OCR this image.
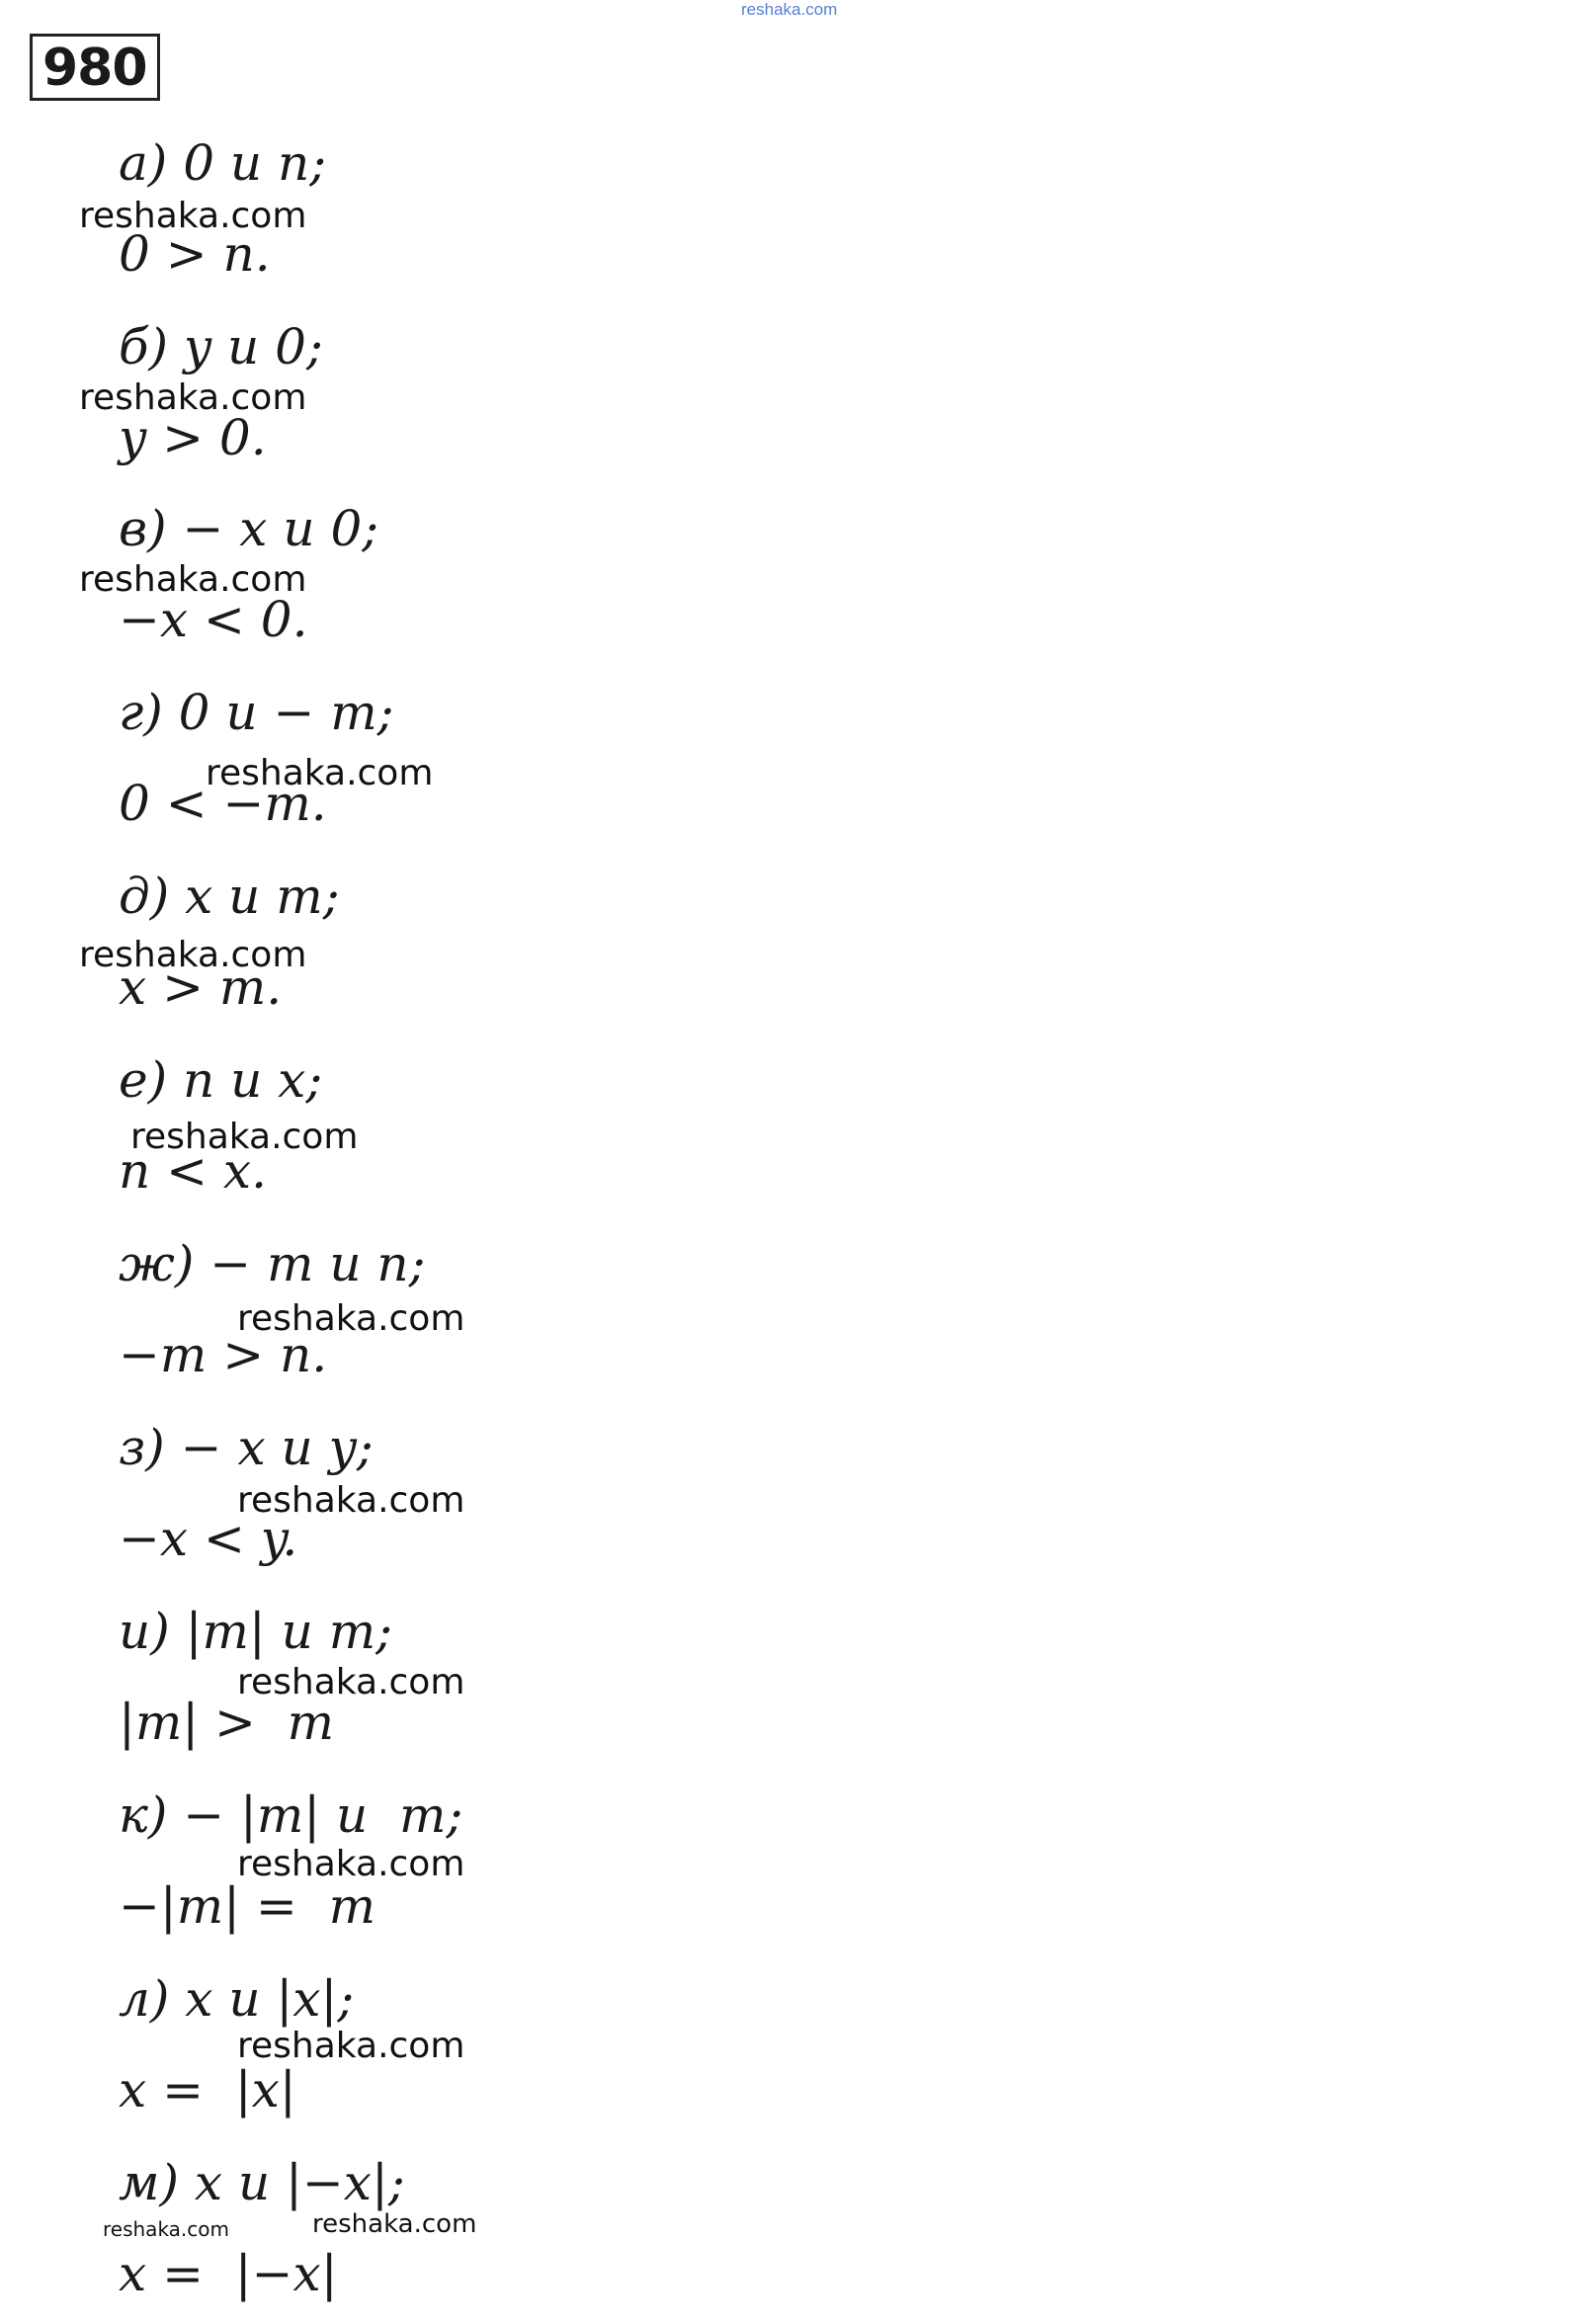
reshaka.com
980
а) 0 и n;
0 > n.
б) y и 0;
y > 0.
в) − x и 0;
−x < 0.
г) 0 и − m;
0 < −m.
д) x и m;
x > m.
е) n и x;
n < x.
ж) − m и n;
−m > n.
з) − x и y;
−x < y.
и) |m| и m;
|m| >  m
к) − |m| и  m;
−|m| =  m
л) x и |x|;
x =  |x|
м) x и |−x|;
x =  |−x|
reshaka.com
reshaka.com
reshaka.com
reshaka.com
reshaka.com
reshaka.com
reshaka.com
reshaka.com
reshaka.com
reshaka.com
reshaka.com
reshaka.com	reshaka.com
